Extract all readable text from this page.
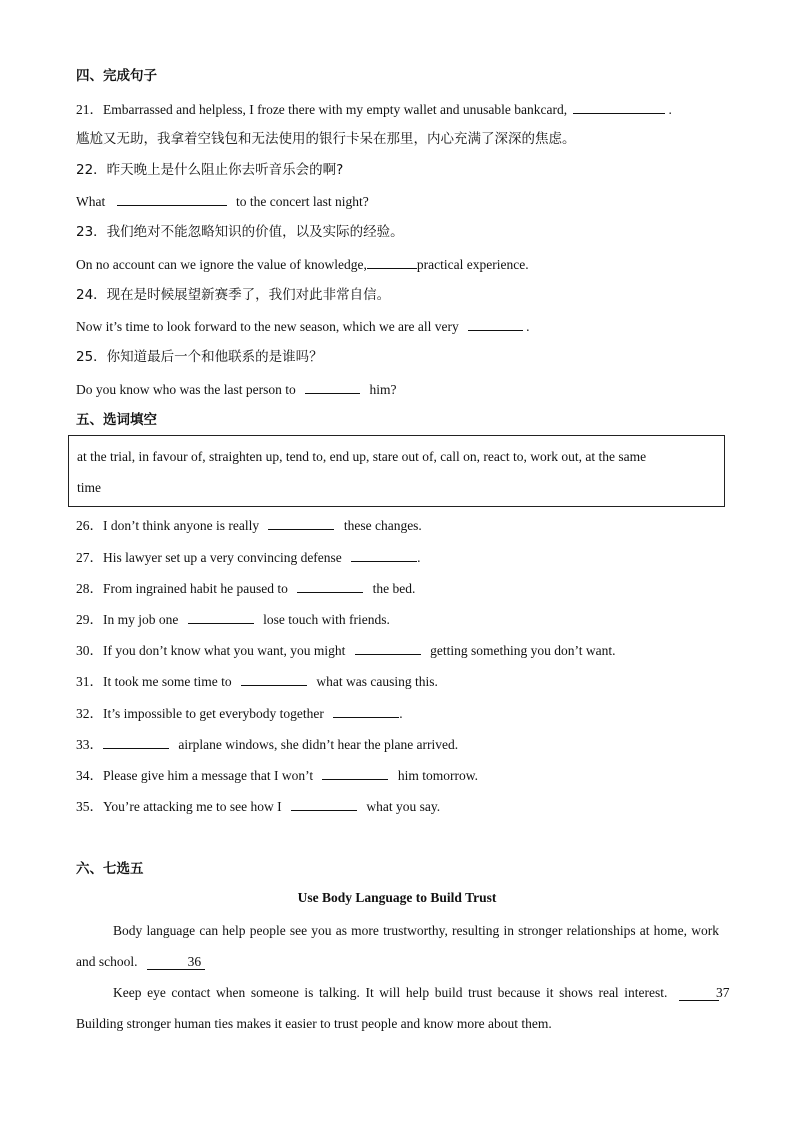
四、完成句子
21．Embarrassed and helpless, I froze there with my empty wallet and unusable bankcard,	.
尴尬又无助，我拿着空钱包和无法使用的银行卡呆在那里，内心充满了深深的焦虑。
22．昨天晚上是什么阻止你去听音乐会的啊?
What	to the concert last night?
23．我们绝对不能忽略知识的价值，以及实际的经验。
On no account can we ignore the value of knowledge,	practical experience.
24．现在是时候展望新赛季了，我们对此非常自信。
Now it’s time to look forward to the new season, which we are all very	.
25．你知道最后一个和他联系的是谁吗？
Do you know who was the last person to	him?
五、选词填空
at the trial, in favour of, straighten up, tend to, end up, stare out of, call on, react to, work out, at the same
time
26．I don’t think anyone is really	these changes.
27．His lawyer set up a very convincing defense	.
28．From ingrained habit he paused to	the bed.
29．In my job one	lose touch with friends.
30．If you don’t know what you want, you might	getting something you don’t want.
31．It took me some time to	what was causing this.
32．It’s impossible to get everybody together	.
33．	airplane windows, she didn’t hear the plane arrived.
34．Please give him a message that I won’t	him tomorrow.
35．You’re attacking me to see how I	what you say.
六、七选五
Use Body Language to Build Trust
Body language can help people see you as more trustworthy, resulting in stronger relationships at home, work and school.	36
Keep eye contact when someone is talking. It will help build trust because it shows real interest.	37 Building stronger human ties makes it easier to trust people and know more about them.
